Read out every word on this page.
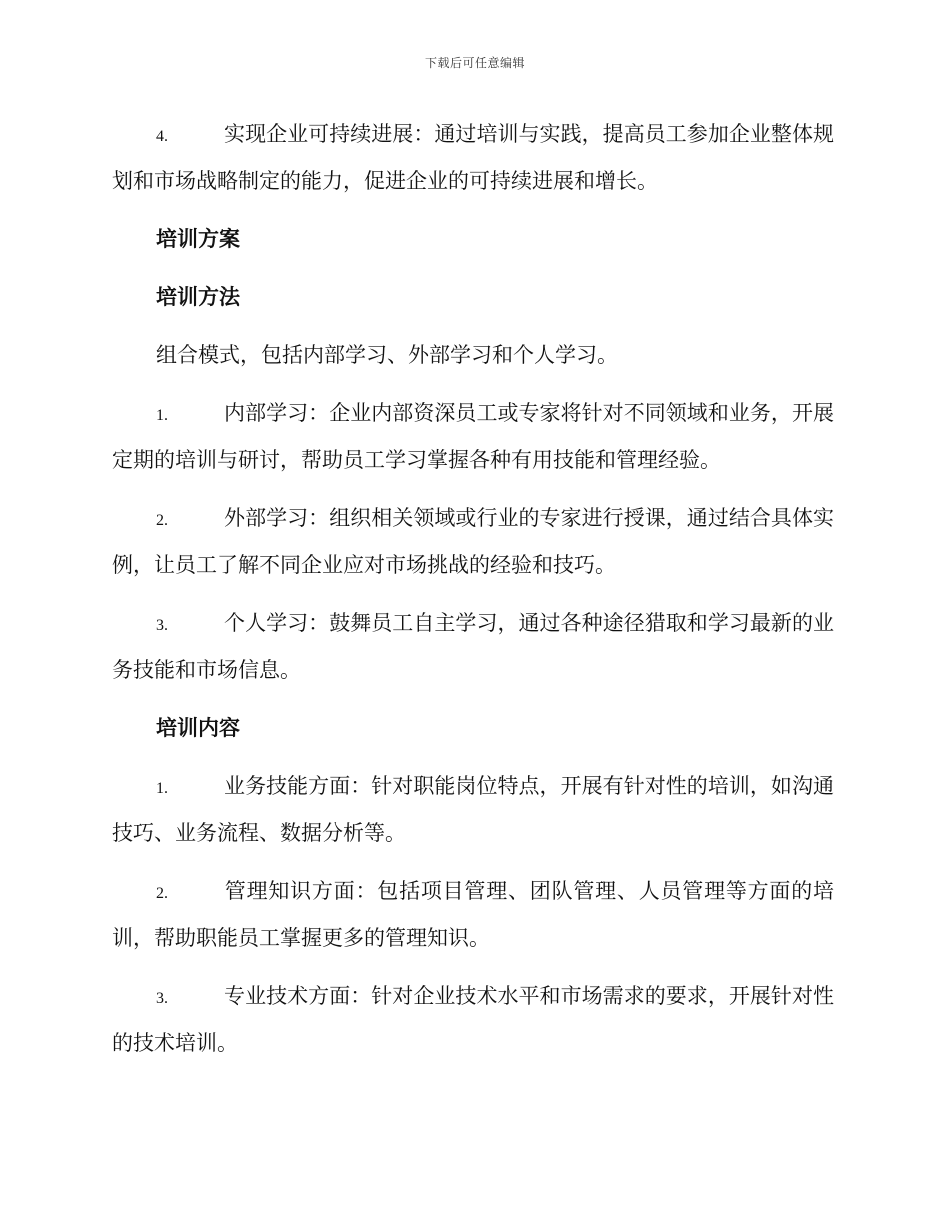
下载后可任意编辑

4.	实现企业可持续进展：通过培训与实践，提高员工参加企业整体规划和市场战略制定的能力，促进企业的可持续进展和增长。

培训方案

培训方法

组合模式，包括内部学习、外部学习和个人学习。

1.	内部学习：企业内部资深员工或专家将针对不同领域和业务，开展定期的培训与研讨，帮助员工学习掌握各种有用技能和管理经验。

2.	外部学习：组织相关领域或行业的专家进行授课，通过结合具体实例，让员工了解不同企业应对市场挑战的经验和技巧。

3.	个人学习：鼓舞员工自主学习，通过各种途径猎取和学习最新的业务技能和市场信息。

培训内容

1.	业务技能方面：针对职能岗位特点，开展有针对性的培训，如沟通技巧、业务流程、数据分析等。

2.	管理知识方面：包括项目管理、团队管理、人员管理等方面的培训，帮助职能员工掌握更多的管理知识。

3.	专业技术方面：针对企业技术水平和市场需求的要求，开展针对性的技术培训。
